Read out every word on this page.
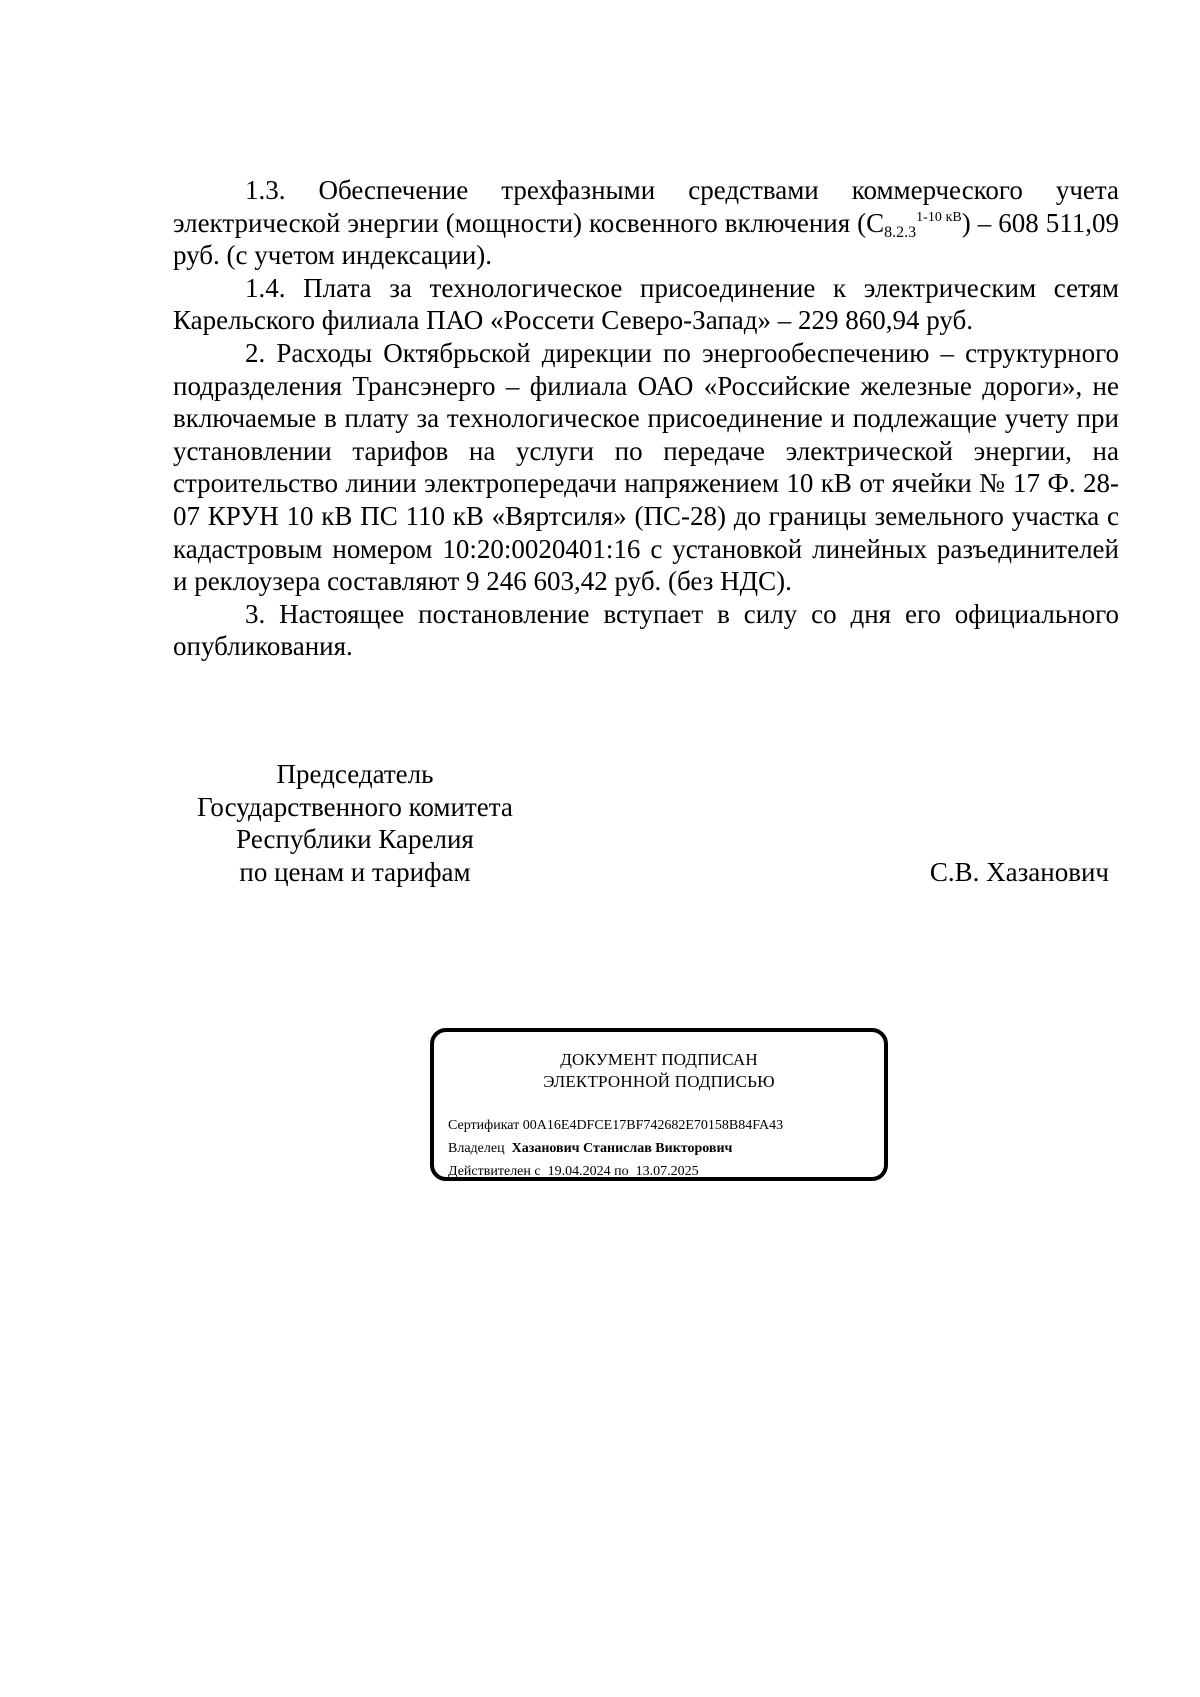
1.3. Обеспечение трехфазными средствами коммерческого учета электрической энергии (мощности) косвенного включения $(С_{8.2.3}^{1-10 кВ}) - 608$ 511,09 руб. (с учетом индексации).

1.4. Плата за технологическое присоединение к электрическим сетям Карельского филиала ПАО «Россети Северо-Запад» – 229 860,94 руб.

2. Расходы Октябрьской дирекции по энергообеспечению – структурного подразделения Трансэнерго – филиала ОАО «Российские железные дороги», не включаемые в плату за технологическое присоединение и подлежащие учету при установлении тарифов на услуги по передаче электрической энергии, на строительство линии электропередачи напряжением 10 кВ от ячейки № 17 Ф. 28-07 КРУН 10 кВ ПС 110 кВ «Вяртсиля» (ПС-28) до границы земельного участка с кадастровым номером 10:20:0020401:16 с установкой линейных разъединителей и реклоузера составляют 9 246 603,42 руб. (без НДС).

3. Настоящее постановление вступает в силу со дня его официального опубликования.

Председатель
Государственного комитета
Республики Карелия
по ценам и тарифам	С.В. Хазанович
ДОКУМЕНТ ПОДПИСАН
ЭЛЕКТРОННОЙ ПОДПИСЬЮ
Сертификат 00A16E4DFCE17BF742682E70158B84FA43
Владелец Хазанович Станислав Викторович
Действителен с 19.04.2024 по 13.07.2025
